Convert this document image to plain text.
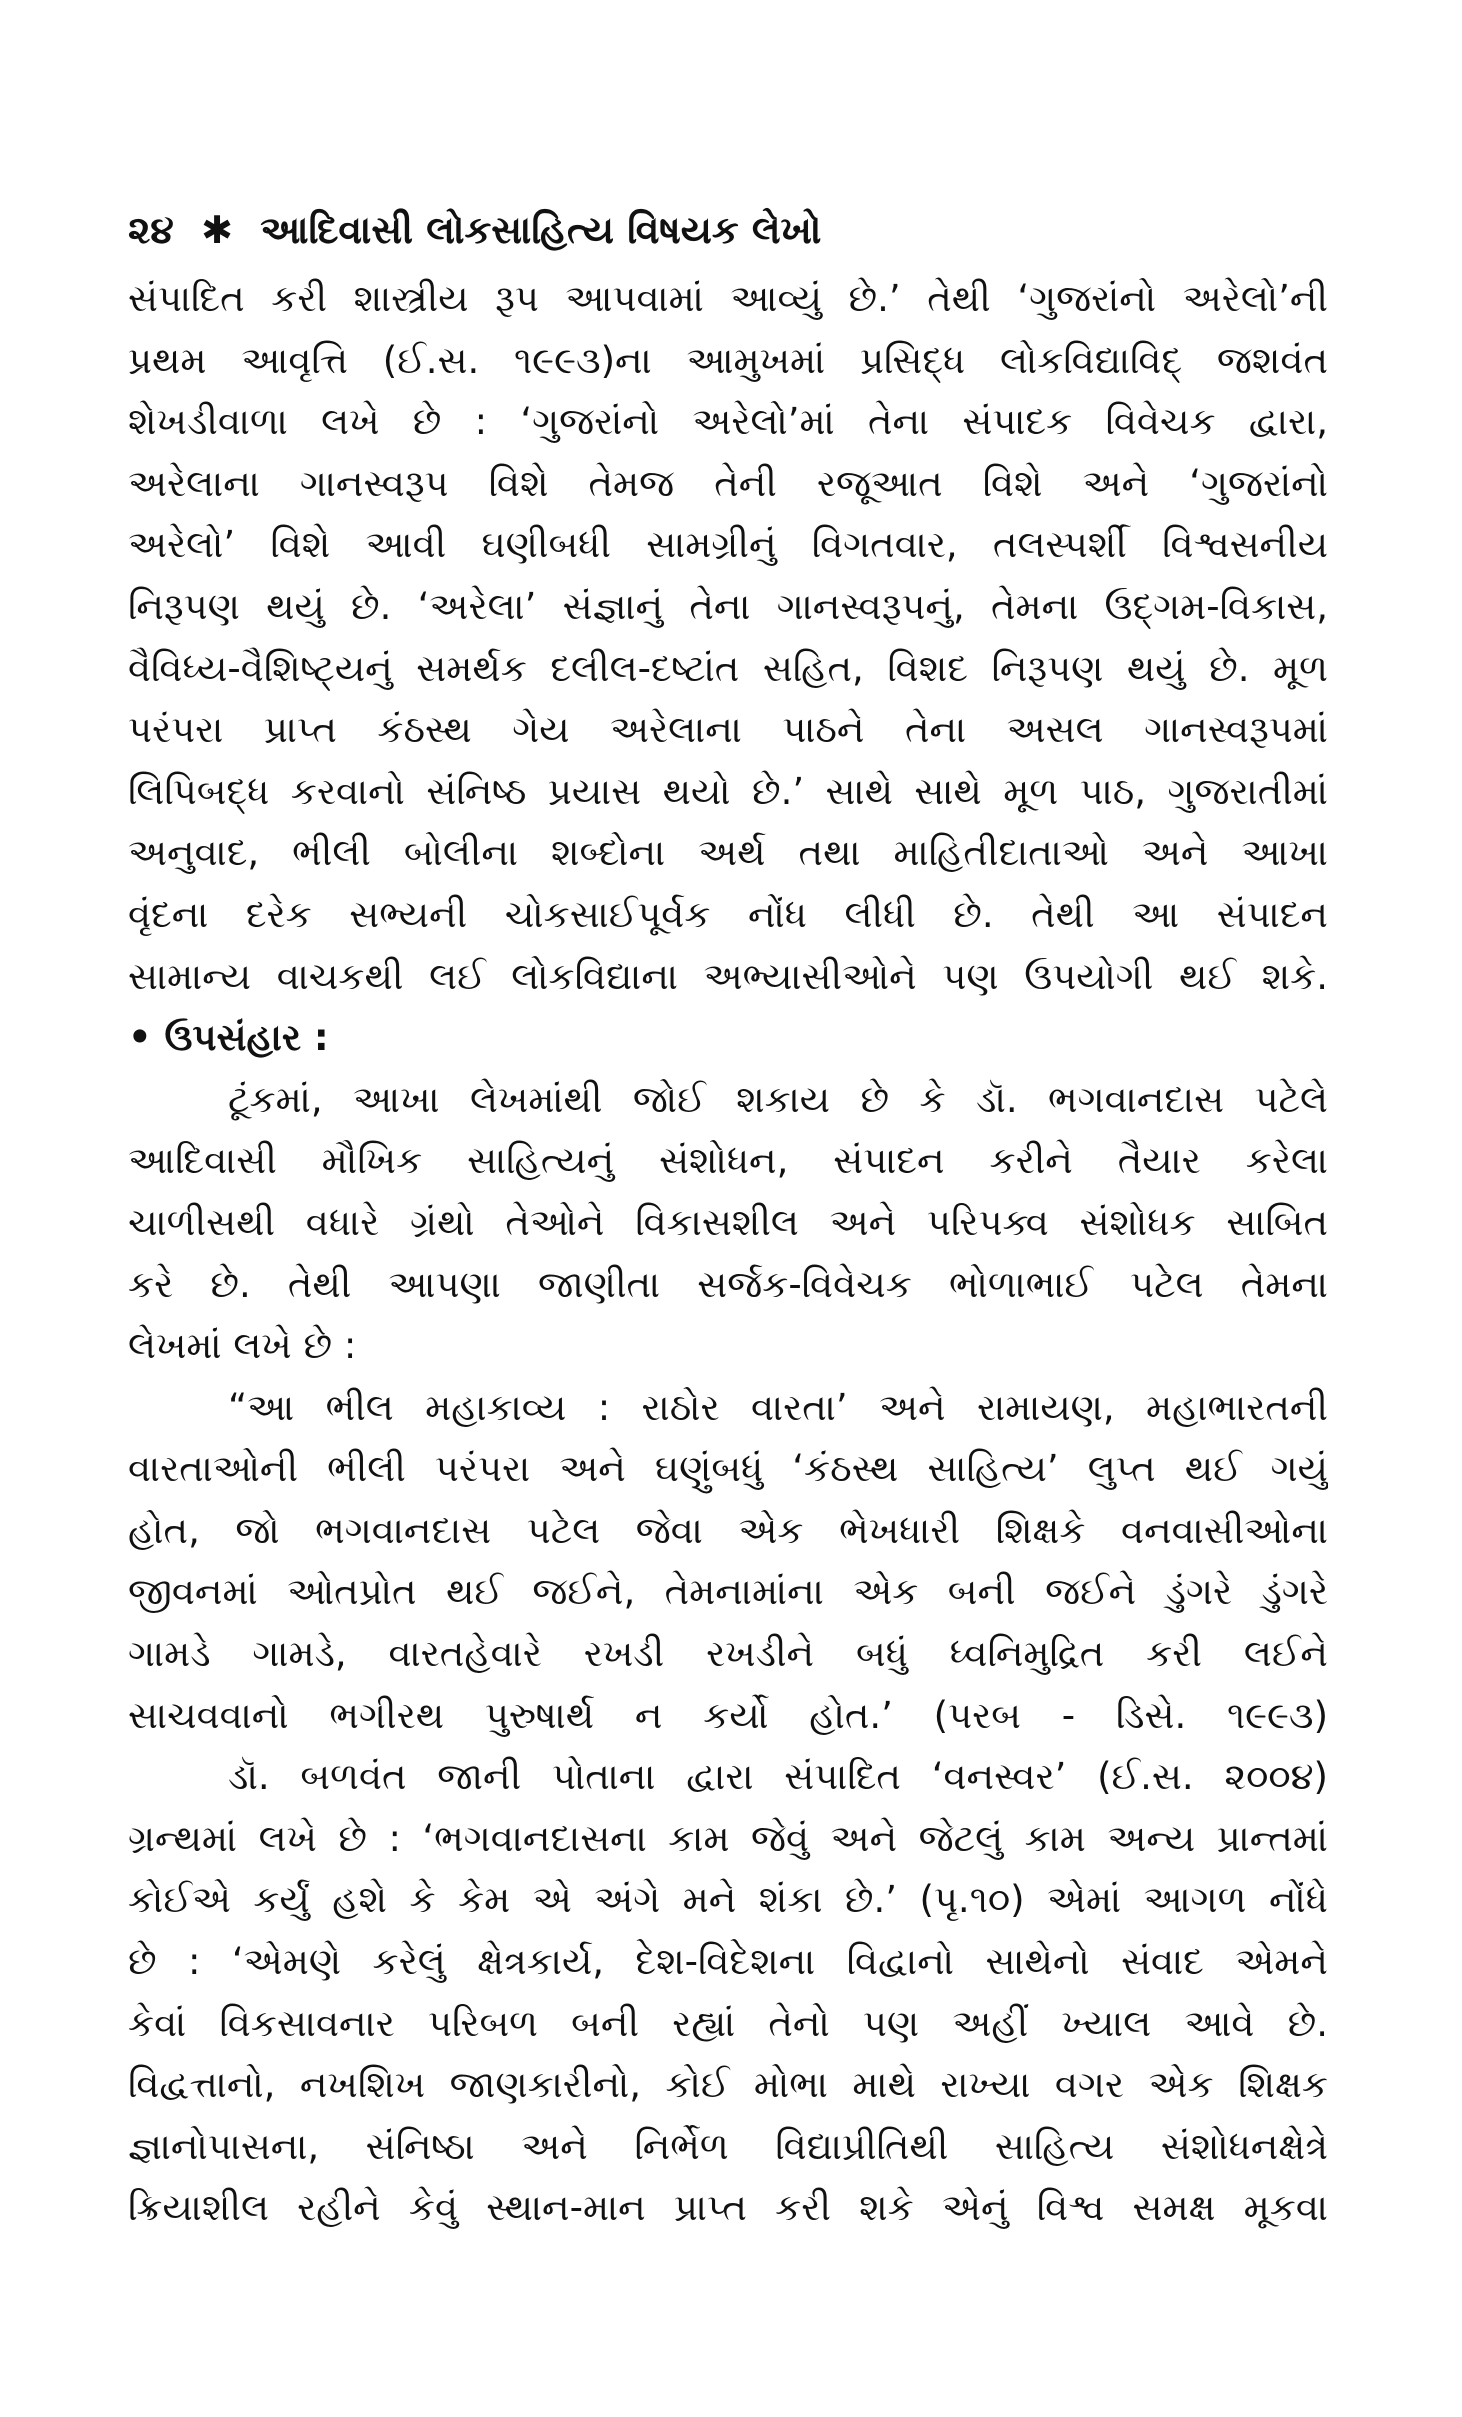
૨૪ ✱ આદિવાસી લોકસાહિત્ય વિષયક લેખો
સંપાદિત કરી શાસ્ત્રીય રૂપ આપવામાં આવ્યું છે.’ તેથી ‘ગુજરાંનો અરેલો’ની
પ્રથમ આવૃત્તિ (ઈ.સ. ૧૯૯૩)ના આમુખમાં પ્રસિદ્ધ લોકવિદ્યાવિદ્ જશવંત
શેખડીવાળા લખે છે : ‘ગુજરાંનો અરેલો’માં તેના સંપાદક વિવેચક દ્વારા,
અરેલાના ગાનસ્વરૂપ વિશે તેમજ તેની રજૂઆત વિશે અને ‘ગુજરાંનો
અરેલો’ વિશે આવી ઘણીબધી સામગ્રીનું વિગતવાર, તલસ્પર્શી વિશ્વસનીય
નિરૂપણ થયું છે. ‘અરેલા’ સંજ્ઞાનું તેના ગાનસ્વરૂપનું, તેમના ઉદ્ગમ-વિકાસ,
વૈવિધ્ય-વૈશિષ્ટ્યનું સમર્થક દલીલ-દષ્ટાંત સહિત, વિશદ નિરૂપણ થયું છે. મૂળ
પરંપરા પ્રાપ્ત કંઠસ્થ ગેય અરેલાના પાઠને તેના અસલ ગાનસ્વરૂપમાં
લિપિબદ્ધ કરવાનો સંનિષ્ઠ પ્રયાસ થયો છે.’ સાથે સાથે મૂળ પાઠ, ગુજરાતીમાં
અનુવાદ, ભીલી બોલીના શબ્દોના અર્થ તથા માહિતીદાતાઓ અને આખા
વૃંદના દરેક સભ્યની ચોકસાઈપૂર્વક નોંધ લીધી છે. તેથી આ સંપાદન
સામાન્ય વાચકથી લઈ લોકવિદ્યાના અભ્યાસીઓને પણ ઉપયોગી થઈ શકે.
• ઉપસંહાર :
ટૂંકમાં, આખા લેખમાંથી જોઈ શકાય છે કે ડૉ. ભગવાનદાસ પટેલે
આદિવાસી મૌખિક સાહિત્યનું સંશોધન, સંપાદન કરીને તૈયાર કરેલા
ચાળીસથી વધારે ગ્રંથો તેઓને વિકાસશીલ અને પરિપક્વ સંશોધક સાબિત
કરે છે. તેથી આપણા જાણીતા સર્જક-વિવેચક ભોળાભાઈ પટેલ તેમના
લેખમાં લખે છે :
“આ ભીલ મહાકાવ્ય : રાઠોર વારતા’ અને રામાયણ, મહાભારતની
વારતાઓની ભીલી પરંપરા અને ઘણુંબધું ‘કંઠસ્થ સાહિત્ય’ લુપ્ત થઈ ગયું
હોત, જો ભગવાનદાસ પટેલ જેવા એક ભેખધારી શિક્ષકે વનવાસીઓના
જીવનમાં ઓતપ્રોત થઈ જઈને, તેમનામાંના એક બની જઈને ડુંગરે ડુંગરે
ગામડે ગામડે, વારતહેવારે રખડી રખડીને બધું ધ્વનિમુદ્રિત કરી લઈને
સાચવવાનો ભગીરથ પુરુષાર્થ ન કર્યો હોત.’ (પરબ - ડિસે. ૧૯૯૩)
ડૉ. બળવંત જાની પોતાના દ્વારા સંપાદિત ‘વનસ્વર’ (ઈ.સ. ૨૦૦૪)
ગ્રન્થમાં લખે છે : ‘ભગવાનદાસના કામ જેવું અને જેટલું કામ અન્ય પ્રાન્તમાં
કોઈએ કર્યું હશે કે કેમ એ અંગે મને શંકા છે.’ (પૃ.૧૦) એમાં આગળ નોંધે
છે : ‘એમણે કરેલું ક્ષેત્રકાર્ય, દેશ-વિદેશના વિદ્વાનો સાથેનો સંવાદ એમને
કેવાં વિકસાવનાર પરિબળ બની રહ્યાં તેનો પણ અહીં ખ્યાલ આવે છે.
વિદ્વત્તાનો, નખશિખ જાણકારીનો, કોઈ મોભા માથે રાખ્યા વગર એક શિક્ષક
જ્ઞાનોપાસના, સંનિષ્ઠા અને નિર્ભેળ વિદ્યાપ્રીતિથી સાહિત્ય સંશોધનક્ષેત્રે
ક્રિયાશીલ રહીને કેવું સ્થાન-માન પ્રાપ્ત કરી શકે એનું વિશ્વ સમક્ષ મૂકવા
